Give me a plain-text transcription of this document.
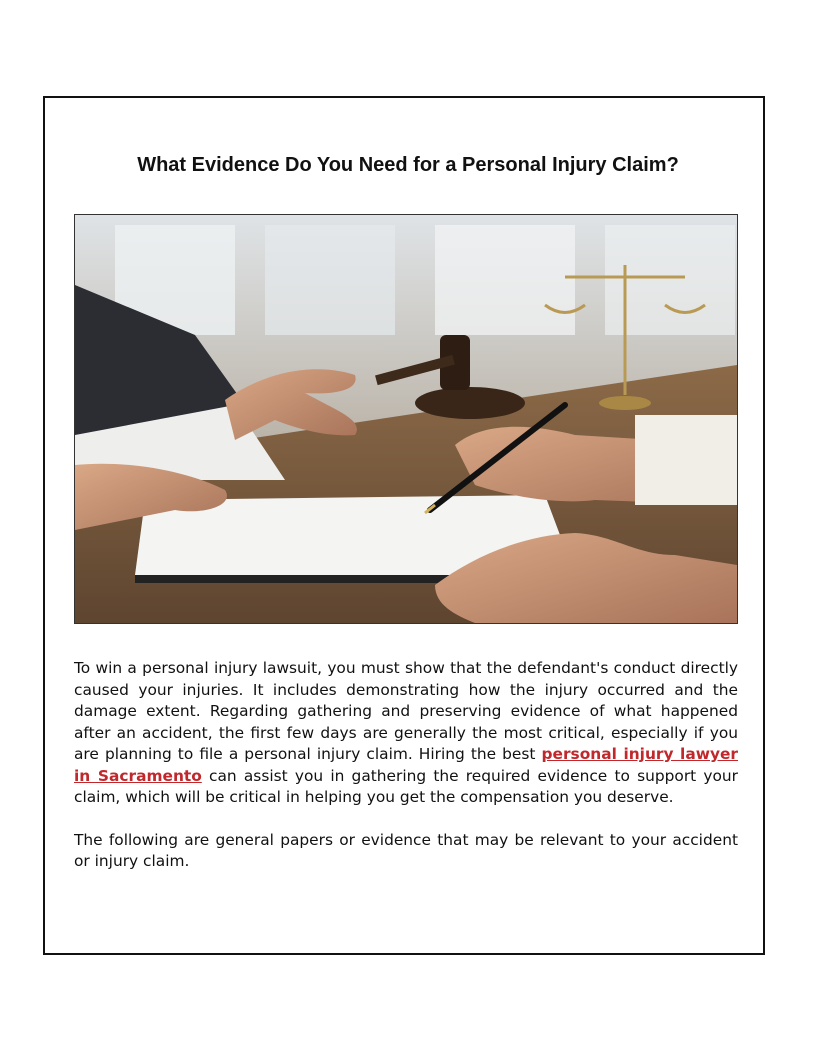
What Evidence Do You Need for a Personal Injury Claim?

To win a personal injury lawsuit, you must show that the defendant's conduct directly caused your injuries. It includes demonstrating how the injury occurred and the damage extent. Regarding gathering and preserving evidence of what happened after an accident, the first few days are generally the most critical, especially if you are planning to file a personal injury claim. Hiring the best personal injury lawyer in Sacramento can assist you in gathering the required evidence to support your claim, which will be critical in helping you get the compensation you deserve.

The following are general papers or evidence that may be relevant to your accident or injury claim.
